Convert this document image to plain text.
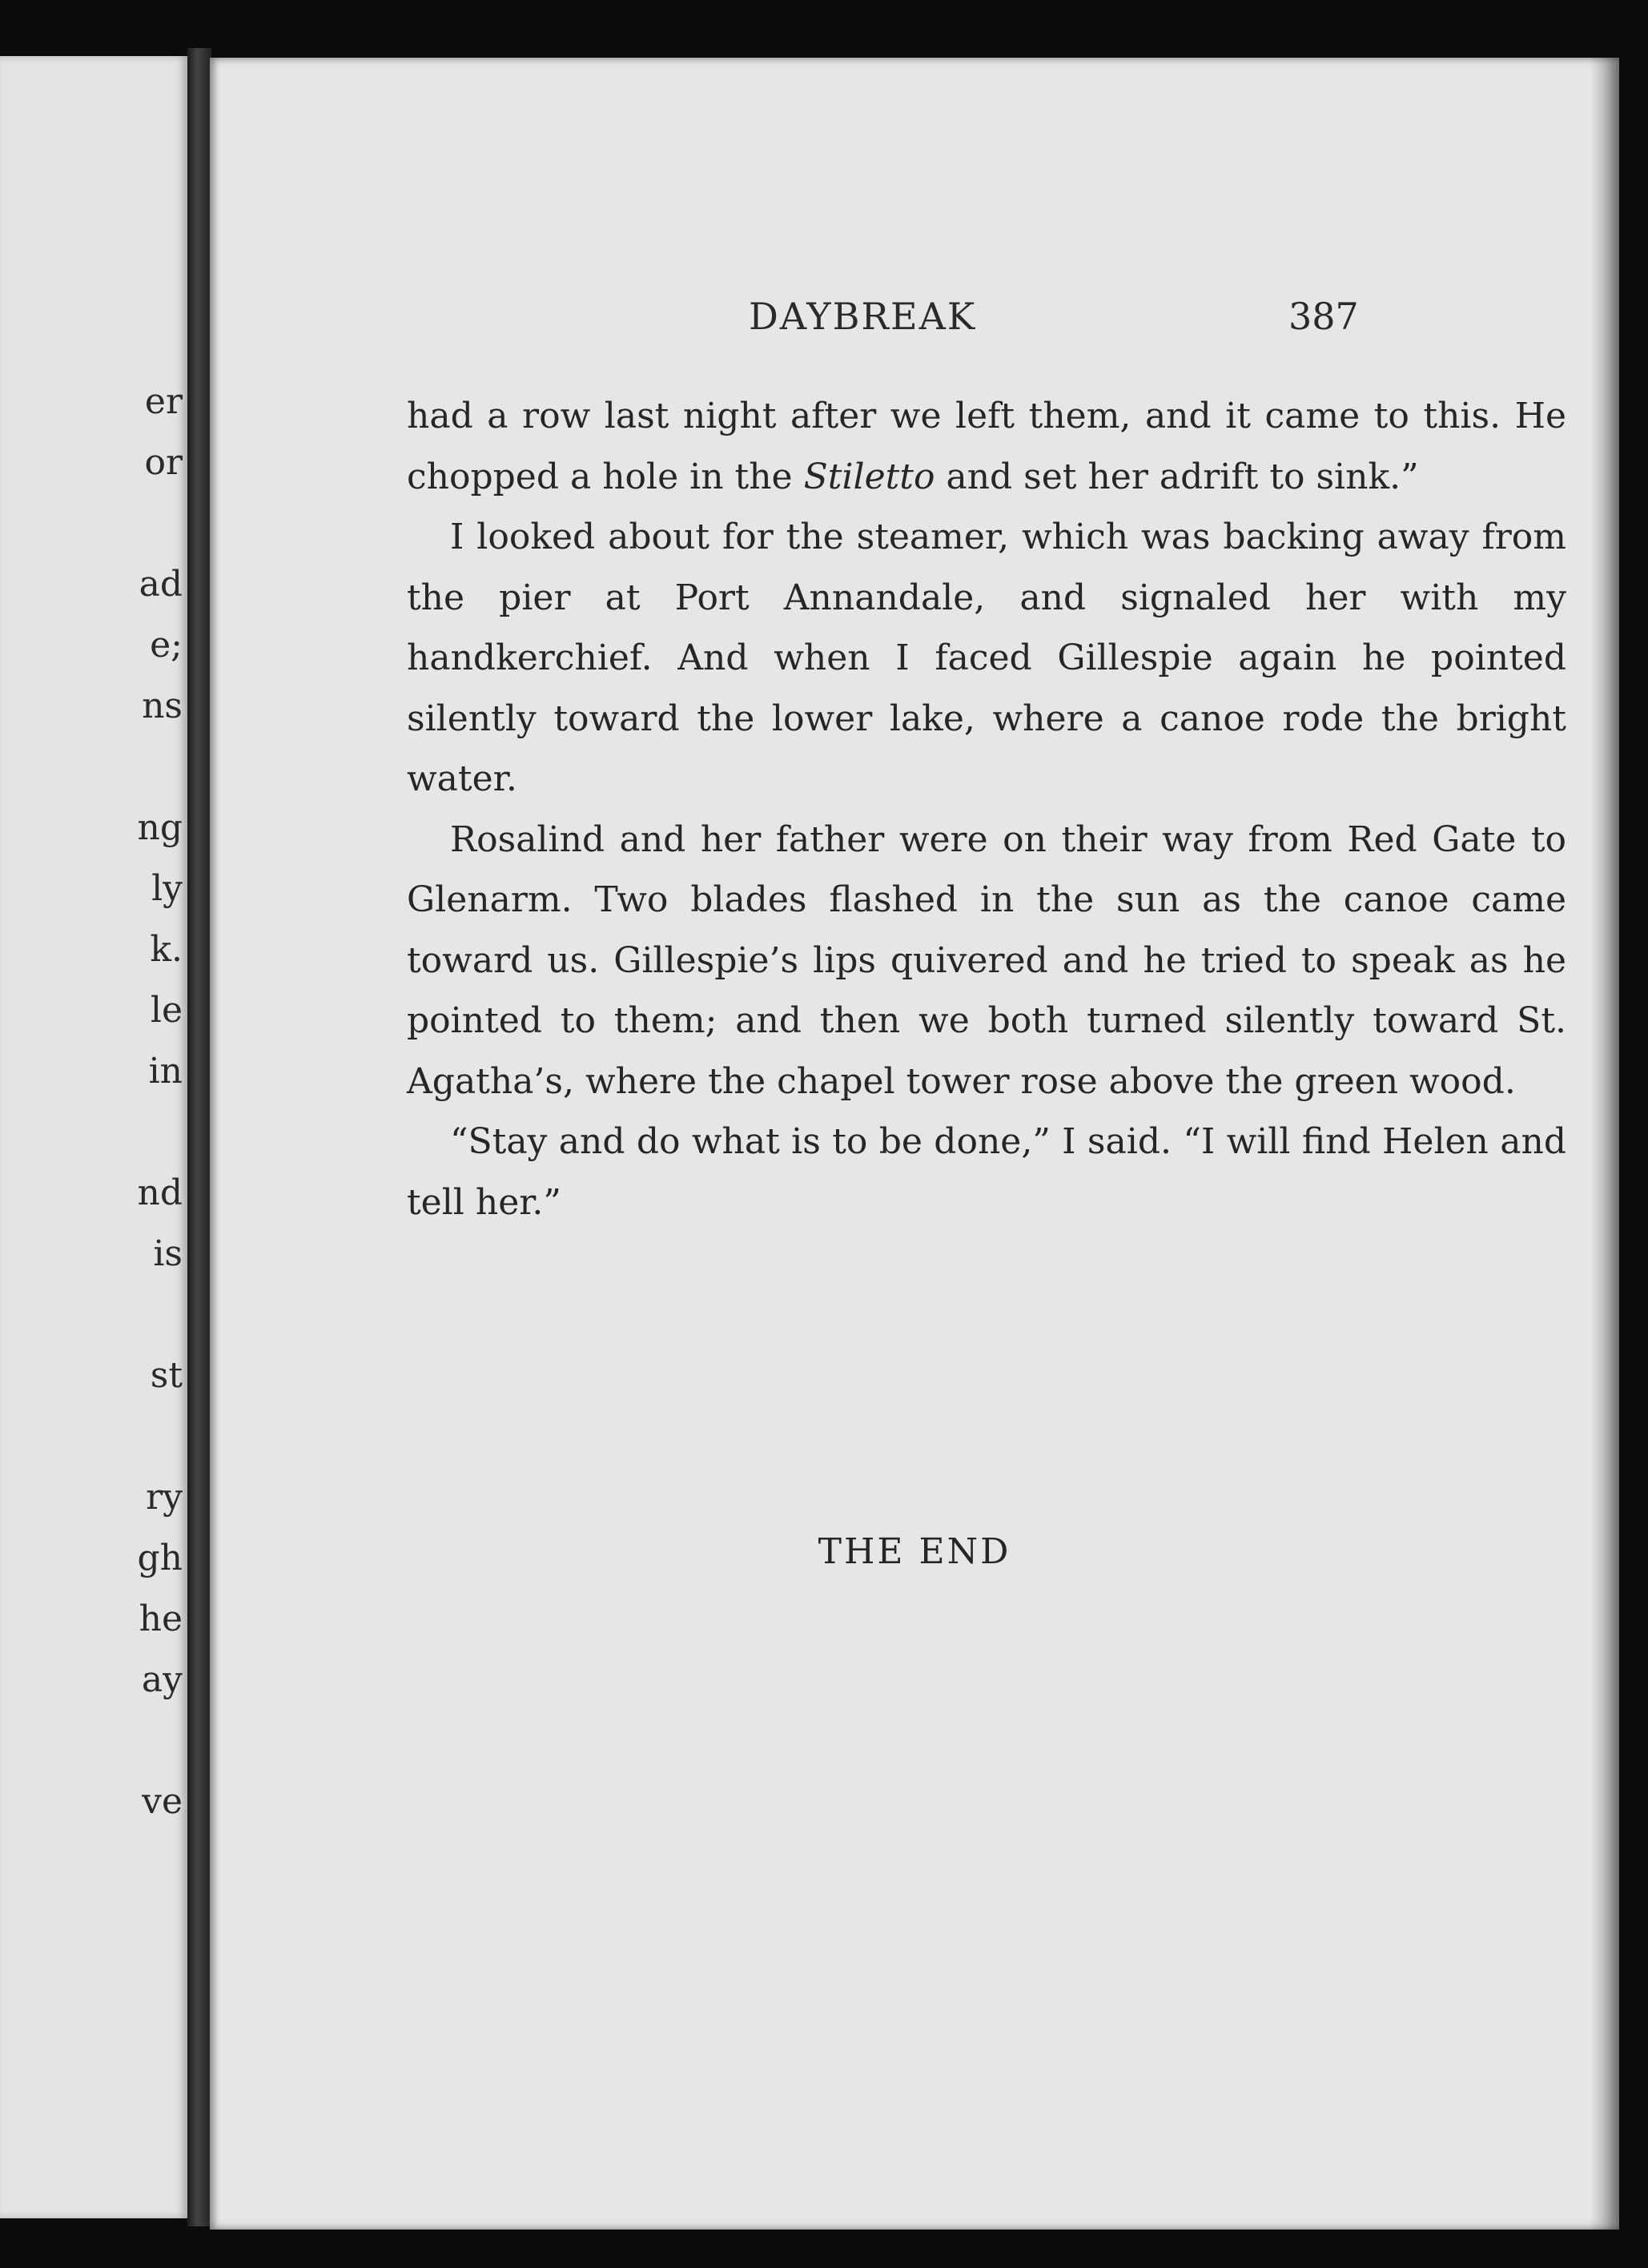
er

or

ad

e;

ns

ng

ly

k.

le

in

nd

is

st

ry

gh

he

ay

ve

DAYBREAK	387

had a row last night after we left them, and it came to this. He chopped a hole in the Stiletto and set her adrift to sink.”

I looked about for the steamer, which was backing away from the pier at Port Annandale, and signaled her with my handkerchief. And when I faced Gillespie again he pointed silently toward the lower lake, where a canoe rode the bright water.

Rosalind and her father were on their way from Red Gate to Glenarm. Two blades flashed in the sun as the canoe came toward us. Gillespie’s lips quivered and he tried to speak as he pointed to them; and then we both turned silently toward St. Agatha’s, where the chapel tower rose above the green wood.

“Stay and do what is to be done,” I said. “I will find Helen and tell her.”

THE END
